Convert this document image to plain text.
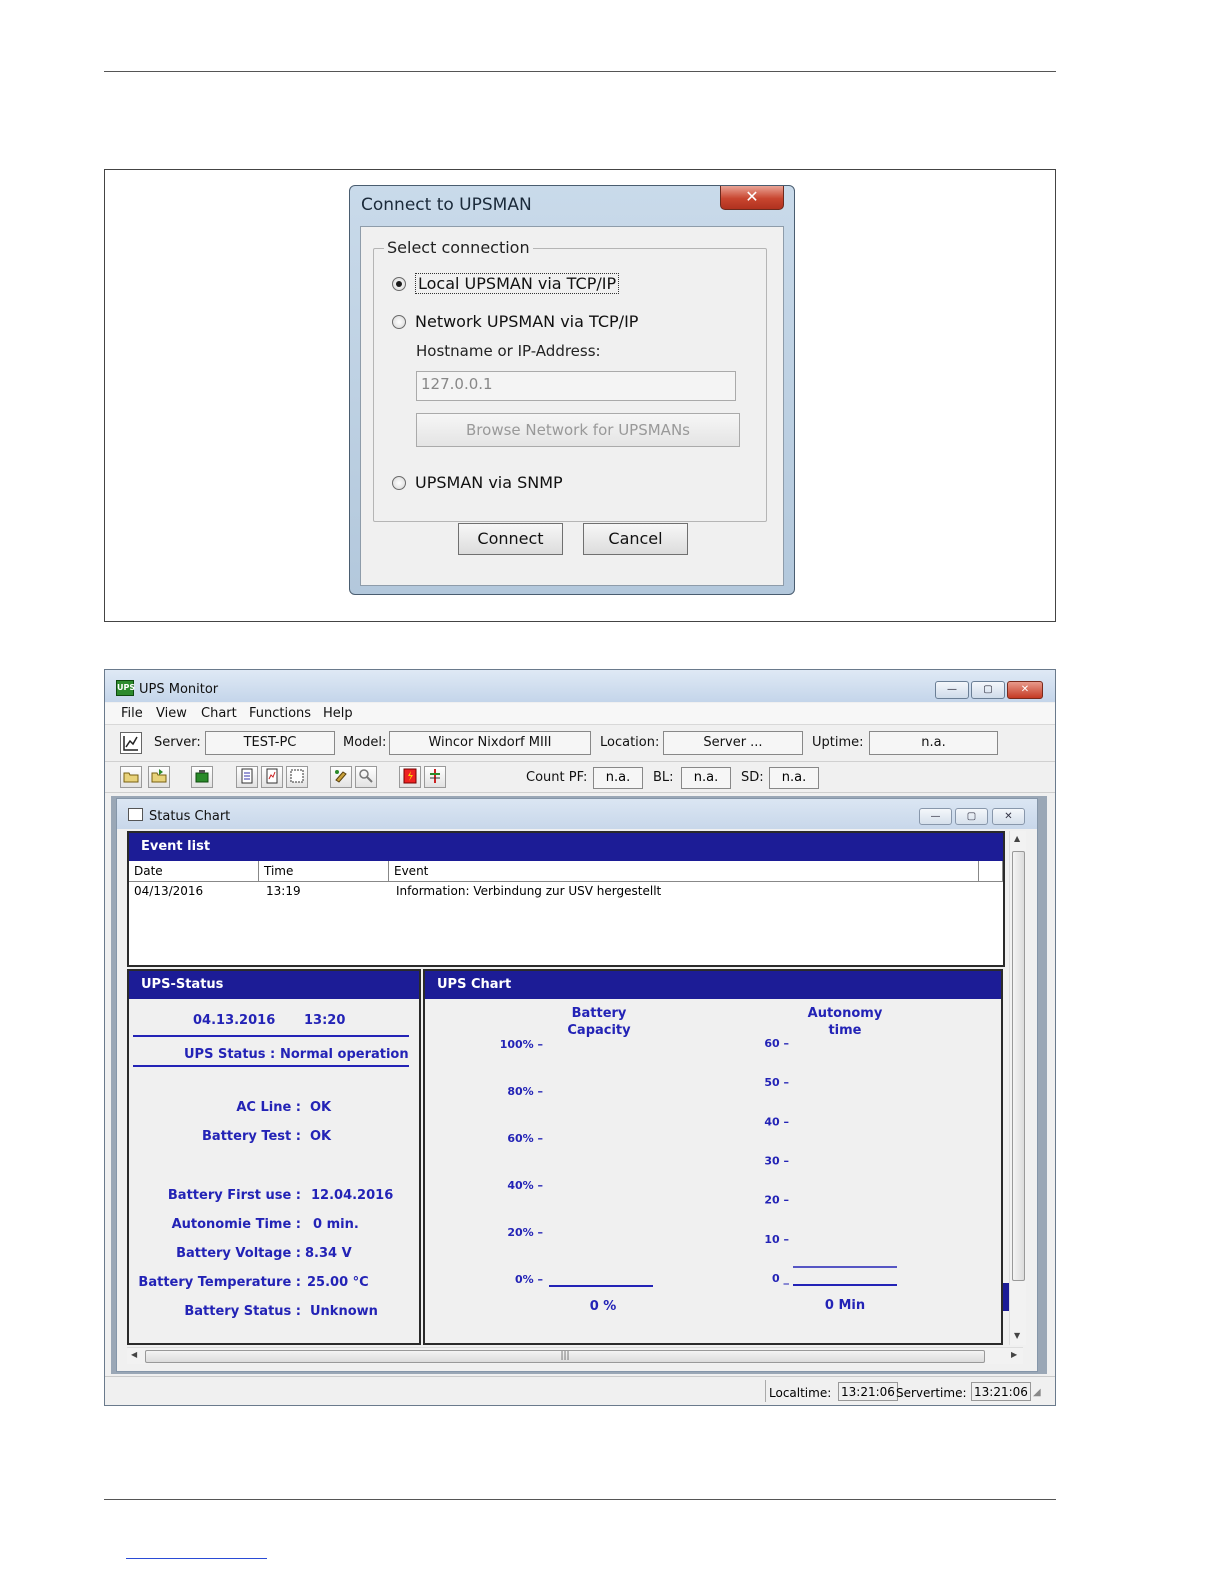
Connect to UPSMAN	✕
Select connection
Local UPSMAN via TCP/IP
Network UPSMAN via TCP/IP
Hostname or IP-Address:
127.0.0.1
Browse Network for UPSMANs
UPSMAN via SNMP
Connect	Cancel
UPS UPS Monitor	—	▢	✕
File View Chart Functions Help
Server:	TEST-PC	Model:	Wincor Nixdorf MIII	Location:	Server ...	Uptime:	n.a.
Count PF:	n.a.	BL:	n.a.	SD:	n.a.
Status Chart	—	▢	✕
Event list
Date	Time	Event
04/13/2016	13:19	Information: Verbindung zur USV hergestellt
UPS-Status
04.13.2016 13:20
UPS Status : Normal operation
AC Line : OK
Battery Test : OK
Battery First use : 12.04.2016
Autonomie Time : 0 min.
Battery Voltage : 8.34 V
Battery Temperature : 25.00 °C
Battery Status : Unknown
UPS Chart
Battery
Capacity
Autonomy
time
100% –
80% –
60% –
40% –
20% –
0% –
60 –
50 –
40 –
30 –
20 –
10 –
0 _
0 %	0 Min
▲
▼
◀	|||	▶
Localtime: 13:21:06 Servertime: 13:21:06 ◢
